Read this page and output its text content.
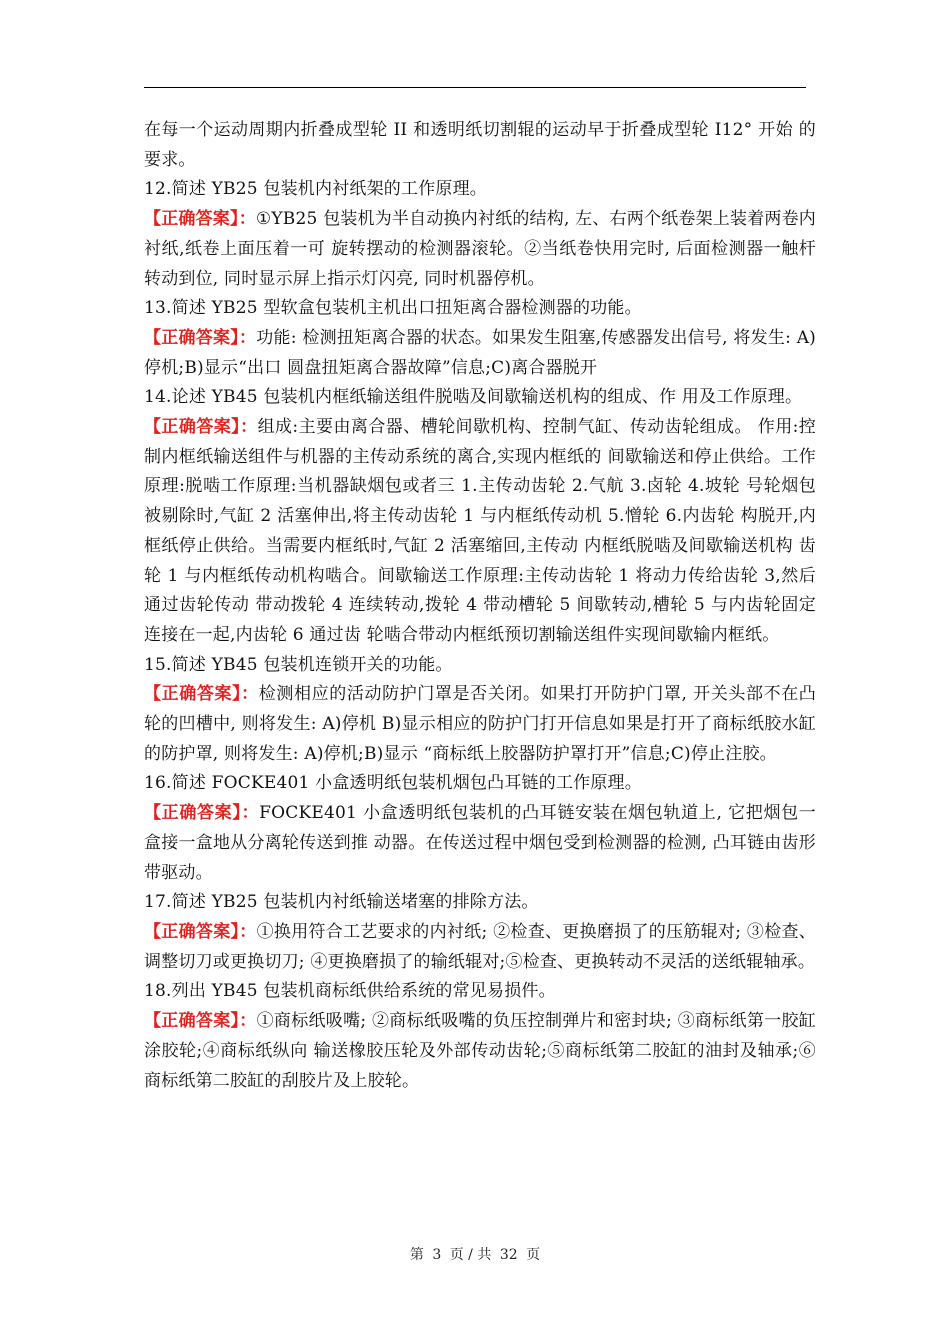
在每一个运动周期内折叠成型轮 II 和透明纸切割辊的运动早于折叠成型轮 I12° 开始 的要求。

12.简述 YB25 包装机内衬纸架的工作原理。

【正确答案】：①YB25 包装机为半自动换内衬纸的结构, 左、右两个纸卷架上装着两卷内衬纸,纸卷上面压着一可 旋转摆动的检测器滚轮。②当纸卷快用完时, 后面检测器一触杆转动到位, 同时显示屏上指示灯闪亮, 同时机器停机。

13.简述 YB25 型软盒包装机主机出口扭矩离合器检测器的功能。

【正确答案】：功能: 检测扭矩离合器的状态。如果发生阻塞,传感器发出信号, 将发生: A)停机;B)显示“出口 圆盘扭矩离合器故障”信息;C)离合器脱开

14.论述 YB45 包装机内框纸输送组件脱啮及间歇输送机构的组成、作 用及工作原理。

【正确答案】：组成:主要由离合器、槽轮间歇机构、控制气缸、传动齿轮组成。 作用:控制内框纸输送组件与机器的主传动系统的离合,实现内框纸的 间歇输送和停止供给。工作原理:脱啮工作原理:当机器缺烟包或者三 1.主传动齿轮 2.气航 3.卤轮 4.坡轮 号轮烟包被剔除时,气缸 2 活塞伸出,将主传动齿轮 1 与内框纸传动机 5.憎轮 6.内齿轮 构脱开,内框纸停止供给。当需要内框纸时,气缸 2 活塞缩回,主传动 内框纸脱啮及间歇输送机构 齿轮 1 与内框纸传动机构啮合。间歇输送工作原理:主传动齿轮 1 将动力传给齿轮 3,然后通过齿轮传动 带动拨轮 4 连续转动,拨轮 4 带动槽轮 5 间歇转动,槽轮 5 与内齿轮固定连接在一起,内齿轮 6 通过齿 轮啮合带动内框纸预切割输送组件实现间歇输内框纸。

15.简述 YB45 包装机连锁开关的功能。

【正确答案】：检测相应的活动防护门罩是否关闭。如果打开防护门罩, 开关头部不在凸轮的凹槽中, 则将发生: A)停机 B)显示相应的防护门打开信息如果是打开了商标纸胶水缸的防护罩, 则将发生: A)停机;B)显示 “商标纸上胶器防护罩打开”信息;C)停止注胶。

16.简述 FOCKE401 小盒透明纸包装机烟包凸耳链的工作原理。

【正确答案】：FOCKE401 小盒透明纸包装机的凸耳链安装在烟包轨道上, 它把烟包一盒接一盒地从分离轮传送到推 动器。在传送过程中烟包受到检测器的检测, 凸耳链由齿形带驱动。

17.简述 YB25 包装机内衬纸输送堵塞的排除方法。

【正确答案】：①换用符合工艺要求的内衬纸; ②检查、更换磨损了的压筋辊对; ③检查、调整切刀或更换切刀; ④更换磨损了的输纸辊对;⑤检查、更换转动不灵活的送纸辊轴承。

18.列出 YB45 包装机商标纸供给系统的常见易损件。

【正确答案】：①商标纸吸嘴; ②商标纸吸嘴的负压控制弹片和密封块; ③商标纸第一胶缸涂胶轮;④商标纸纵向 输送橡胶压轮及外部传动齿轮;⑤商标纸第二胶缸的油封及轴承;⑥商标纸第二胶缸的刮胶片及上胶轮。

第 3 页 / 共 32 页
